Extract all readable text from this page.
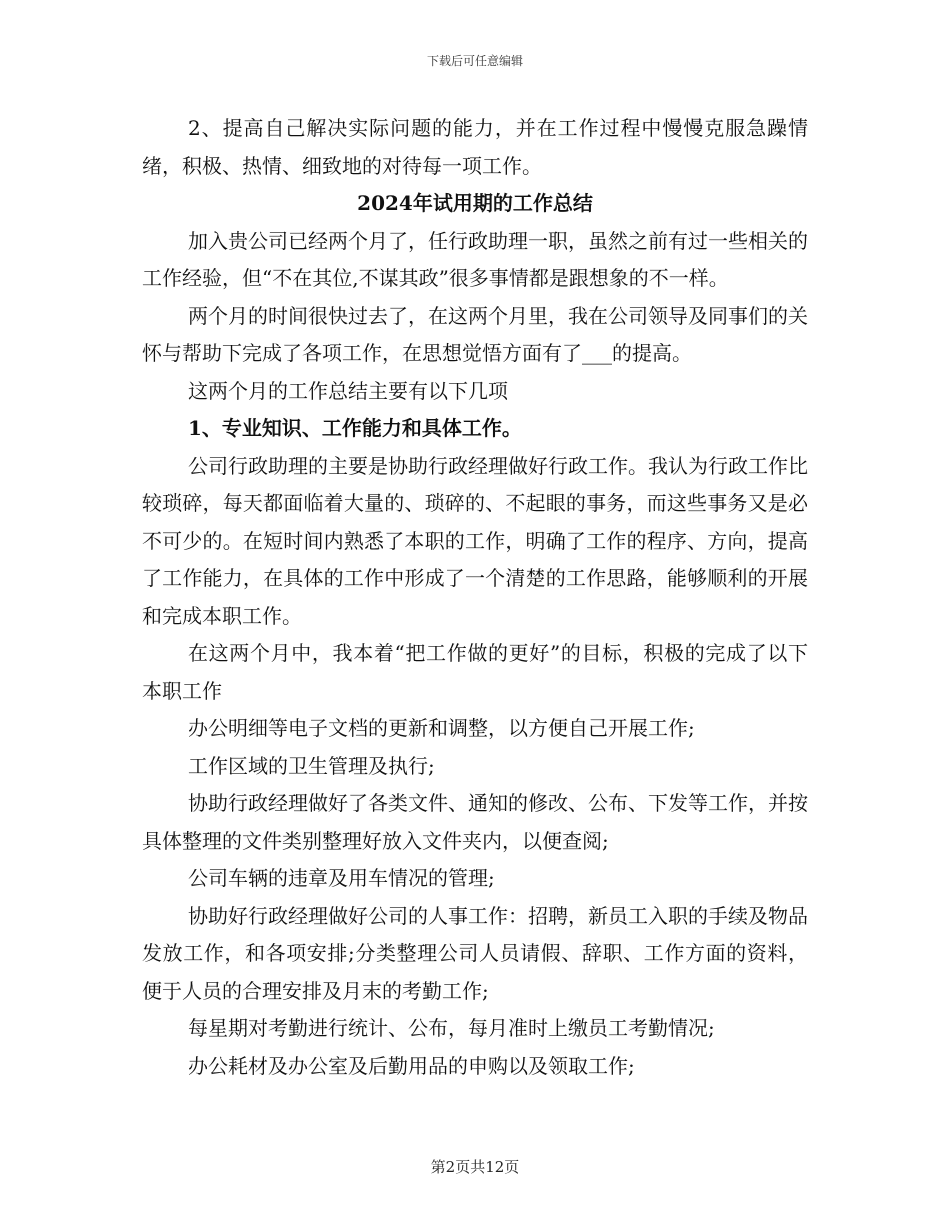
下载后可任意编辑

2、提高自己解决实际问题的能力，并在工作过程中慢慢克服急躁情绪，积极、热情、细致地的对待每一项工作。

2024年试用期的工作总结

加入贵公司已经两个月了，任行政助理一职，虽然之前有过一些相关的工作经验，但“不在其位,不谋其政”很多事情都是跟想象的不一样。

两个月的时间很快过去了，在这两个月里，我在公司领导及同事们的关怀与帮助下完成了各项工作，在思想觉悟方面有了___的提高。

这两个月的工作总结主要有以下几项

1、专业知识、工作能力和具体工作。

公司行政助理的主要是协助行政经理做好行政工作。我认为行政工作比较琐碎，每天都面临着大量的、琐碎的、不起眼的事务，而这些事务又是必不可少的。在短时间内熟悉了本职的工作，明确了工作的程序、方向，提高了工作能力，在具体的工作中形成了一个清楚的工作思路，能够顺利的开展和完成本职工作。

在这两个月中，我本着“把工作做的更好”的目标，积极的完成了以下本职工作

办公明细等电子文档的更新和调整，以方便自己开展工作;

工作区域的卫生管理及执行;

协助行政经理做好了各类文件、通知的修改、公布、下发等工作，并按具体整理的文件类别整理好放入文件夹内，以便查阅;

公司车辆的违章及用车情况的管理;

协助好行政经理做好公司的人事工作：招聘，新员工入职的手续及物品发放工作，和各项安排;分类整理公司人员请假、辞职、工作方面的资料，便于人员的合理安排及月末的考勤工作;

每星期对考勤进行统计、公布，每月准时上缴员工考勤情况;

办公耗材及办公室及后勤用品的申购以及领取工作;

第2页共12页
